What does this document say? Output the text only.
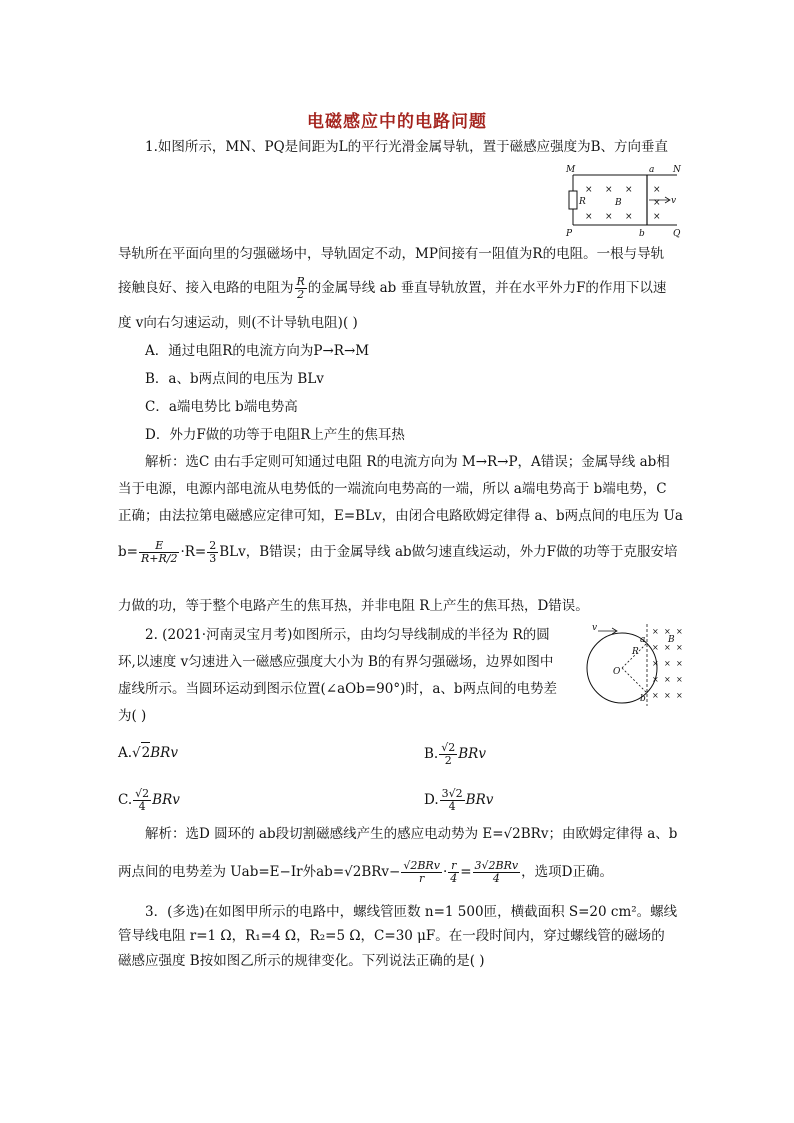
电磁感应中的电路问题
1.如图所示，MN、PQ是间距为L的平行光滑金属导轨，置于磁感应强度为B、方向垂直
× × × ×
× × × ×
×
M	N
P	Q
a
b
R	B	v
导轨所在平面向里的匀强磁场中，导轨固定不动，MP间接有一阻值为R的电阻。一根与导轨
接触良好、接入电路的电阻为 $\frac{R}{2}$ 的金属导线 ab 垂直导轨放置，并在水平外力F的作用下以速
度 v向右匀速运动，则(不计导轨电阻)( )
A．通过电阻R的电流方向为P→R→M
B．a、b两点间的电压为 BLv
C．a端电势比 b端电势高
D．外力F做的功等于电阻R上产生的焦耳热
解析：选C 由右手定则可知通过电阻 R的电流方向为 M→R→P，A错误；金属导线 ab相
当于电源，电源内部电流从电势低的一端流向电势高的一端，所以 a端电势高于 b端电势，C
正确；由法拉第电磁感应定律可知，E=BLv，由闭合电路欧姆定律得 a、b两点间的电压为 Ua
$b= \frac{E}{R+R/2} \cdot R= \frac{2}{3}$ BLv，B错误；由于金属导线 ab做匀速直线运动，外力F做的功等于克服安培
力做的功，等于整个电路产生的焦耳热，并非电阻 R上产生的焦耳热，D错误。
2. (2021·河南灵宝月考)如图所示，由均匀导线制成的半径为 R的圆
环,以速度 v匀速进入一磁感应强度大小为 B的有界匀强磁场，边界如图中
虚线所示。当圆环运动到图示位置(∠aOb=90°)时，a、b两点间的电势差
为( )
× × ×
× × ×
× × ×
× × ×
× × ×
v
R
O
a
b
B
A.√2BRv	B. $\frac{√2}{2}$ BRv
C. $\frac{√2}{4}$ BRv	D. $\frac{3√2}{4}$ BRv
解析：选D 圆环的 ab段切割磁感线产生的感应电动势为 E=√2BRv；由欧姆定律得 a、b
两点间的电势差为 Uab=E−Ir外$ab=√2BRv- \frac{\text{√2BRv}}{r} \cdot \frac{r}{4} = \frac{\text{3√2BRv}}{4}$ ，选项D正确。
3．(多选)在如图甲所示的电路中，螺线管匝数 n=1 500匝，横截面积 S=20 cm²。螺线
管导线电阻 r=1 Ω，R₁=4 Ω，R₂=5 Ω，C=30 μF。在一段时间内，穿过螺线管的磁场的
磁感应强度 B按如图乙所示的规律变化。下列说法正确的是( )
